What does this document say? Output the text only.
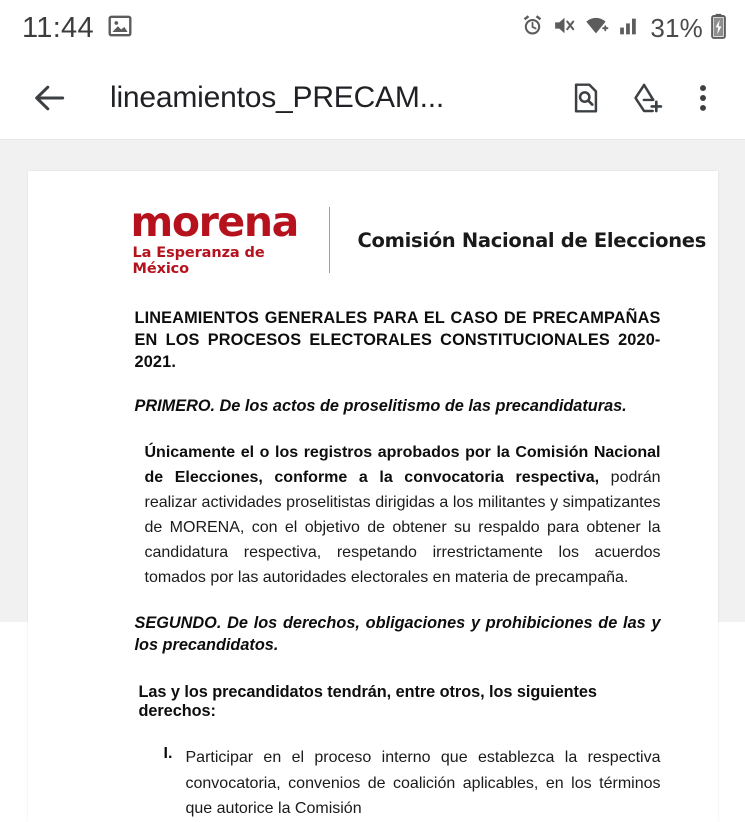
11:44	31%
lineamientos_PRECAM...
morena
La Esperanza de México
Comisión Nacional de Elecciones
LINEAMIENTOS GENERALES PARA EL CASO DE PRECAMPAÑAS EN LOS PROCESOS ELECTORALES CONSTITUCIONALES 2020-2021.
PRIMERO. De los actos de proselitismo de las precandidaturas.
Únicamente el o los registros aprobados por la Comisión Nacional de Elecciones, conforme a la convocatoria respectiva, podrán realizar actividades proselitistas dirigidas a los militantes y simpatizantes de MORENA, con el objetivo de obtener su respaldo para obtener la candidatura respectiva, respetando irrestrictamente los acuerdos tomados por las autoridades electorales en materia de precampaña.
SEGUNDO. De los derechos, obligaciones y prohibiciones de las y los precandidatos.
Las y los precandidatos tendrán, entre otros, los siguientes derechos:
I. Participar en el proceso interno que establezca la respectiva convocatoria, convenios de coalición aplicables, en los términos que autorice la Comisión
